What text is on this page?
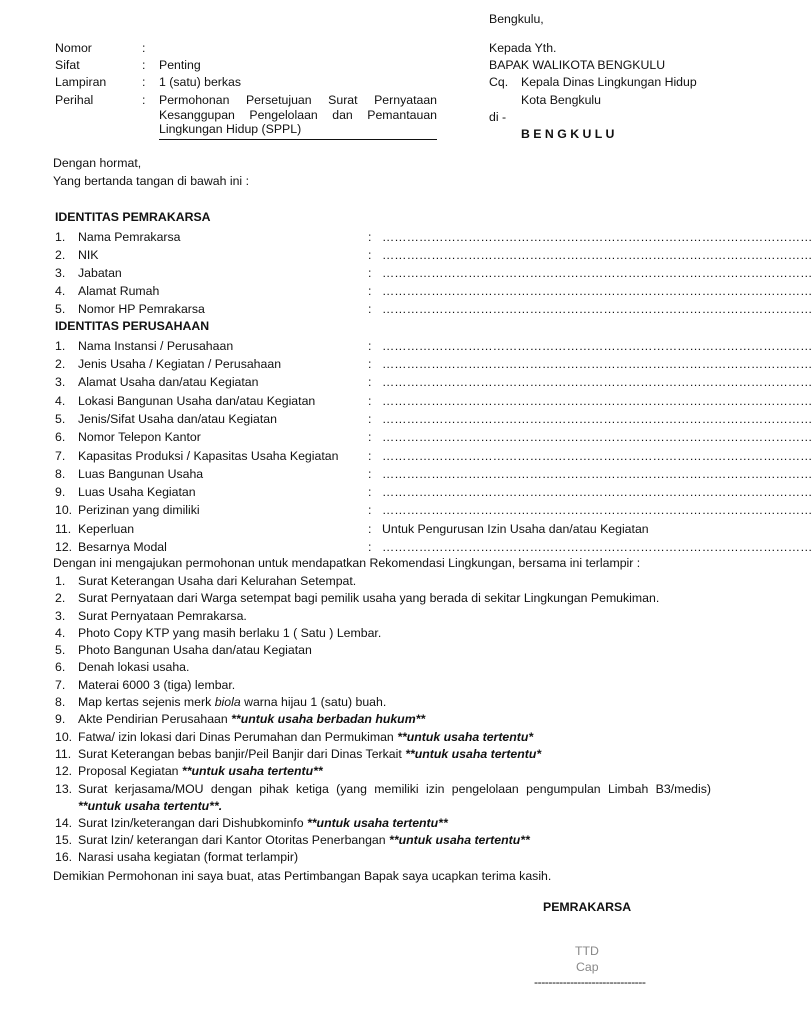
Bengkulu,
Nomor	:
Sifat	: Penting
Lampiran	: 1 (satu) berkas
Perihal	: Permohonan Persetujuan Surat Pernyataan Kesanggupan Pengelolaan dan Pemantauan Lingkungan Hidup (SPPL)
Kepada Yth.
BAPAK WALIKOTA BENGKULU
Cq. Kepala Dinas Lingkungan Hidup
Kota Bengkulu
di -
B E N G K U L U
Dengan hormat,
Yang bertanda tangan di bawah ini :
IDENTITAS PEMRAKARSA
1. Nama Pemrakarsa	: ……………………………………………………………………………………………
2. NIK	: ……………………………………………………………………………………………
3. Jabatan	: ……………………………………………………………………………………………
4. Alamat Rumah	: ……………………………………………………………………………………………
5. Nomor HP Pemrakarsa	: ……………………………………………………………………………………………
IDENTITAS PERUSAHAAN
1. Nama Instansi / Perusahaan	: ……………………………………………………………………………………………
2. Jenis Usaha / Kegiatan / Perusahaan	: ……………………………………………………………………………………………
3. Alamat Usaha dan/atau Kegiatan	: ……………………………………………………………………………………………
4. Lokasi Bangunan Usaha dan/atau Kegiatan	: ……………………………………………………………………………………………
5. Jenis/Sifat Usaha dan/atau Kegiatan	: ……………………………………………………………………………………………
6. Nomor Telepon Kantor	: ……………………………………………………………………………………………
7. Kapasitas Produksi / Kapasitas Usaha Kegiatan : ……………………………………………………………………………………………
8. Luas Bangunan Usaha	: ……………………………………………………………………………………………
9. Luas Usaha Kegiatan	: ……………………………………………………………………………………………
10. Perizinan yang dimiliki	: ……………………………………………………………………………………………
11. Keperluan	: Untuk Pengurusan Izin Usaha dan/atau Kegiatan
12. Besarnya Modal	: ……………………………………………………………………………………………
Dengan ini mengajukan permohonan untuk mendapatkan Rekomendasi Lingkungan, bersama ini terlampir :
1. Surat Keterangan Usaha dari Kelurahan Setempat.
2. Surat Pernyataan dari Warga setempat bagi pemilik usaha yang berada di sekitar Lingkungan Pemukiman.
3. Surat Pernyataan Pemrakarsa.
4. Photo Copy KTP yang masih berlaku 1 ( Satu ) Lembar.
5. Photo Bangunan Usaha dan/atau Kegiatan
6. Denah lokasi usaha.
7. Materai 6000 3 (tiga) lembar.
8. Map kertas sejenis merk biola warna hijau 1 (satu) buah.
9. Akte Pendirian Perusahaan **untuk usaha berbadan hukum**
10. Fatwa/ izin lokasi dari Dinas Perumahan dan Permukiman **untuk usaha tertentu*
11. Surat Keterangan bebas banjir/Peil Banjir dari Dinas Terkait **untuk usaha tertentu*
12. Proposal Kegiatan **untuk usaha tertentu**
13. Surat kerjasama/MOU dengan pihak ketiga (yang memiliki izin pengelolaan pengumpulan Limbah B3/medis)
**untuk usaha tertentu**.
14. Surat Izin/keterangan dari Dishubkominfo **untuk usaha tertentu**
15. Surat Izin/ keterangan dari Kantor Otoritas Penerbangan **untuk usaha tertentu**
16. Narasi usaha kegiatan (format terlampir)
Demikian Permohonan ini saya buat, atas Pertimbangan Bapak saya ucapkan terima kasih.
PEMRAKARSA
TTD
Cap
-------------------------------
